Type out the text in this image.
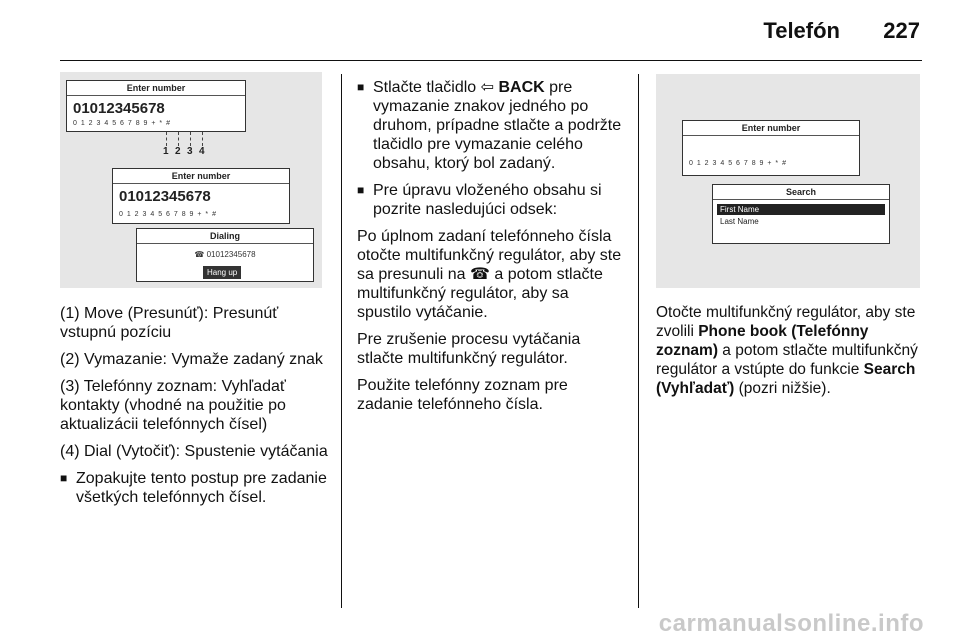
Telefón 227
Enter number
01012345678
0 1 2 3 4 5 6 7 8 9 + * #
1 2 3 4
Enter number
01012345678
0 1 2 3 4 5 6 7 8 9 + * #
Dialing
☎ 01012345678
Hang up

(1) Move (Presunúť): Presunúť vstupnú pozíciu

(2) Vymazanie: Vymaže zadaný znak

(3) Telefónny zoznam: Vyhľadať kontakty (vhodné na použitie po aktualizácii telefónnych čísel)

(4) Dial (Vytočiť): Spustenie vytáčania

■ Zopakujte tento postup pre zadanie všetkých telefónnych čísel.
■ Stlačte tlačidlo ⇦ BACK pre vymazanie znakov jedného po druhom, prípadne stlačte a podržte tlačidlo pre vymazanie celého obsahu, ktorý bol zadaný.
■ Pre úpravu vloženého obsahu si pozrite nasledujúci odsek:

Po úplnom zadaní telefónneho čísla otočte multifunkčný regulátor, aby ste sa presunuli na ☎ a potom stlačte multifunkčný regulátor, aby sa spustilo vytáčanie.

Pre zrušenie procesu vytáčania stlačte multifunkčný regulátor.

Použite telefónny zoznam pre zadanie telefónneho čísla.

Enter number
0 1 2 3 4 5 6 7 8 9 + * #
Search
First Name
Last Name

Otočte multifunkčný regulátor, aby ste zvolili Phone book (Telefónny zoznam) a potom stlačte multifunkčný regulátor a vstúpte do funkcie Search (Vyhľadať) (pozri nižšie).

carmanualsonline.info
